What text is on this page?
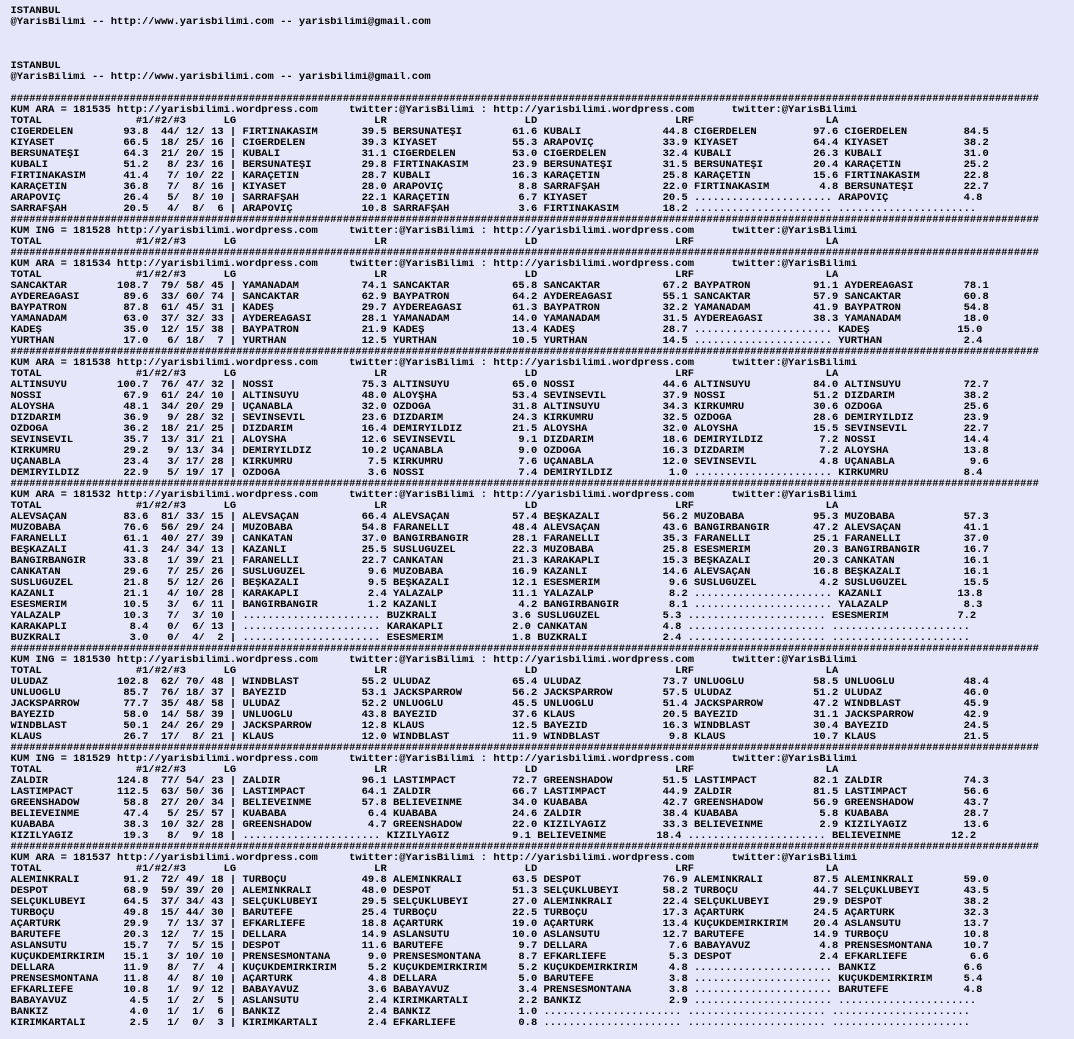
ISTANBUL
@YarisBilimi -- http://www.yarisbilimi.com -- yarisbilimi@gmail.com

ISTANBUL
@YarisBilimi -- http://www.yarisbilimi.com -- yarisbilimi@gmail.com

####################################################################################################################################################################
KUM ARA = 181535 http://yarisbilimi.wordpress.com     twitter:@YarisBilimi : http://yarisbilimi.wordpress.com      twitter:@YarisBilimi
TOTAL               #1/#2/#3      LG                      LR                      LD                      LRF                     LA
CIĞERDELEN        93.8  44/ 12/ 13 | FIRTINAKASIM       39.5 BERSUNATEŞİ        61.6 KUBALI             44.8 CIĞERDELEN         97.6 CIĞERDELEN         84.5
KIYASET           66.5  18/ 25/ 16 | CIĞERDELEN         39.3 KIYASET            55.3 ARAPOVİÇ           33.9 KIYASET            64.4 KIYASET            38.2
BERSUNATEŞİ       64.3  21/ 20/ 15 | KUBALI             31.1 CIĞERDELEN         53.0 CIĞERDELEN         32.4 KUBALI             26.3 KUBALI             31.0
KUBALI            51.2   8/ 23/ 16 | BERSUNATEŞİ        29.8 FIRTINAKASIM       23.9 BERSUNATEŞİ        31.5 BERSUNATEŞİ        20.4 KARAÇETİN          25.2
FIRTINAKASIM      41.4   7/ 10/ 22 | KARAÇETİN          28.7 KUBALI             16.3 KARAÇETİN          25.8 KARAÇETİN          15.6 FIRTINAKASIM       22.8
KARAÇETİN         36.8   7/  8/ 16 | KIYASET            28.0 ARAPOVİÇ            8.8 SARRAFŞAH          22.0 FIRTINAKASIM        4.8 BERSUNATEŞİ        22.7
ARAPOVİÇ          26.4   5/  8/ 10 | SARRAFŞAH          22.1 KARAÇETİN           6.7 KIYASET            20.5 ...................... ARAPOVİÇ            4.8
SARRAFŞAH         20.5   4/  8/  6 | ARAPOVİÇ           10.8 SARRAFŞAH           3.6 FIRTINAKASIM       18.2 ...................... ......................
####################################################################################################################################################################
KUM ING = 181528 http://yarisbilimi.wordpress.com     twitter:@YarisBilimi : http://yarisbilimi.wordpress.com      twitter:@YarisBilimi
TOTAL               #1/#2/#3      LG                      LR                      LD                      LRF                     LA
####################################################################################################################################################################
KUM ARA = 181534 http://yarisbilimi.wordpress.com     twitter:@YarisBilimi : http://yarisbilimi.wordpress.com      twitter:@YarisBilimi
TOTAL               #1/#2/#3      LG                      LR                      LD                      LRF                     LA
SANCAKTAR        108.7  79/ 58/ 45 | YAMANADAM          74.1 SANCAKTAR          65.8 SANCAKTAR          67.2 BAYPATRON          91.1 AYDEREAĞASI        78.1
AYDEREAĞASI       89.6  33/ 60/ 74 | SANCAKTAR          62.9 BAYPATRON          64.2 AYDEREAĞASI        55.1 SANCAKTAR          57.9 SANCAKTAR          60.8
BAYPATRON         87.8  61/ 45/ 31 | KADEŞ              29.7 AYDEREAĞASI        61.3 BAYPATRON          32.2 YAMANADAM          41.9 BAYPATRON          54.8
YAMANADAM         63.0  37/ 32/ 33 | AYDEREAĞASI        28.1 YAMANADAM          14.0 YAMANADAM          31.5 AYDEREAĞASI        38.3 YAMANADAM          18.0
KADEŞ             35.0  12/ 15/ 38 | BAYPATRON          21.9 KADEŞ              13.4 KADEŞ              28.7 ...................... KADEŞ              15.0
YURTHAN           17.0   6/ 18/  7 | YURTHAN            12.5 YURTHAN            10.5 YURTHAN            14.5 ...................... YURTHAN             2.4
####################################################################################################################################################################
KUM ARA = 181538 http://yarisbilimi.wordpress.com     twitter:@YarisBilimi : http://yarisbilimi.wordpress.com      twitter:@YarisBilimi
TOTAL               #1/#2/#3      LG                      LR                      LD                      LRF                     LA
ALTINSUYU        100.7  76/ 47/ 32 | NOSSİ              75.3 ALTINSUYU          65.0 NOSSİ              44.6 ALTINSUYU          84.0 ALTINSUYU          72.7
NOSSİ             67.9  61/ 24/ 10 | ALTINSUYU          48.0 ALOYŞHA            53.4 SEVİNSEVİL         37.9 NOSSİ              51.2 DİZDARIM           38.2
ALOYSHA           48.1  34/ 20/ 29 | UÇANABLA           32.0 ÖZDOĞA             31.8 ALTINSUYU          34.3 KIRKUMRU           30.6 ÖZDOĞA             25.6
DİZDARIM          36.9   9/ 28/ 32 | SEVİNSEVİL         23.6 DİZDARIM           24.3 KIRKUMRU           32.5 ÖZDOĞA             28.6 DEMİRYILDIZ        23.9
ÖZDOĞA            36.2  18/ 21/ 25 | DİZDARIM           16.4 DEMİRYILDIZ        21.5 ALOYSHA            32.0 ALOYSHA            15.5 SEVİNSEVİL         22.7
SEVİNSEVİL        35.7  13/ 31/ 21 | ALOYSHA            12.6 SEVİNSEVİL          9.1 DİZDARIM           18.6 DEMİRYILDIZ         7.2 NOSSİ              14.4
KIRKUMRU          29.2   9/ 13/ 34 | DEMİRYILDIZ        10.2 UÇANABLA            9.0 ÖZDOĞA             16.3 DİZDARIM            7.2 ALOYSHA            13.8
UÇANABLA          23.4   3/ 17/ 28 | KIRKUMRU            7.5 KIRKUMRU            7.6 UÇANABLA           12.0 SEVİNSEVİL          4.8 UÇANABLA            9.6
DEMİRYILDIZ       22.9   5/ 19/ 17 | ÖZDOĞA              3.6 NOSSİ               7.4 DEMİRYILDIZ         1.0 ...................... KIRKUMRU            8.4
####################################################################################################################################################################
KUM ARA = 181532 http://yarisbilimi.wordpress.com     twitter:@YarisBilimi : http://yarisbilimi.wordpress.com      twitter:@YarisBilimi
TOTAL               #1/#2/#3      LG                      LR                      LD                      LRF                     LA
ALEVSAÇAN         83.6  81/ 33/ 15 | ALEVSAÇAN          66.4 ALEVSAÇAN          57.4 BEŞKAZALI          56.2 MUZOBABA           95.3 MUZOBABA           57.3
MUZOBABA          76.6  56/ 29/ 24 | MUZOBABA           54.8 FARANELLİ          48.4 ALEVSAÇAN          43.6 BANGIRBANGIR       47.2 ALEVSAÇAN          41.1
FARANELLİ         61.1  40/ 27/ 39 | CANKATAN           37.0 BANGIRBANGIR       28.1 FARANELLİ          35.3 FARANELLİ          25.1 FARANELLİ          37.0
BEŞKAZALI         41.3  24/ 34/ 13 | KAZANLI            25.5 SÜSLÜGÜZEL         22.3 MUZOBABA           25.8 ESESMERİM          20.3 BANGIRBANGIR       16.7
BANGIRBANGIR      33.8   1/ 39/ 21 | FARANELLİ          22.7 CANKATAN           21.3 KARAKAPLI          15.3 BEŞKAZALI          20.3 CANKATAN           16.1
CANKATAN          29.6   7/ 25/ 26 | SÜSLÜGÜZEL          9.6 MUZOBABA           16.9 KAZANLI            14.6 ALEVSAÇAN          16.8 BEŞKAZALI          16.1
SÜSLÜGÜZEL        21.8   5/ 12/ 26 | BEŞKAZALI           9.5 BEŞKAZALI          12.1 ESESMERİM           9.6 SÜSLÜGÜZEL          4.2 SÜSLÜGÜZEL         15.5
KAZANLI           21.1   4/ 10/ 28 | KARAKAPLI           2.4 YALAZALP           11.1 YALAZALP            8.2 ...................... KAZANLI            13.8
ESESMERİM         10.5   3/  6/ 11 | BANGIRBANGIR        1.2 KAZANLI             4.2 BANGIRBANGIR        8.1 ...................... YALAZALP            8.3
YALAZALP          10.3   7/  3/ 10 | ...................... BUZKRALI            3.6 SÜSLÜGÜZEL          5.3 ...................... ESESMERİM           7.2
KARAKAPLI          8.4   0/  6/ 13 | ...................... KARAKAPLI           2.0 CANKATAN            4.8 ...................... ......................
BUZKRALI           3.0   0/  4/  2 | ...................... ESESMERİM           1.8 BUZKRALI            2.4 ...................... ......................
####################################################################################################################################################################
KUM ING = 181530 http://yarisbilimi.wordpress.com     twitter:@YarisBilimi : http://yarisbilimi.wordpress.com      twitter:@YarisBilimi
TOTAL               #1/#2/#3      LG                      LR                      LD                      LRF                     LA
ULUDAZ           102.8  62/ 70/ 48 | WINDBLAST          55.2 ULUDAZ             65.4 ULUDAZ             73.7 ÜNLÜOĞLU           58.5 ÜNLÜOĞLU           48.4
ÜNLÜOĞLU          85.7  76/ 18/ 37 | BAYEZID            53.1 JACKSPARROW        56.2 JACKSPARROW        57.5 ULUDAZ             51.2 ULUDAZ             46.0
JACKSPARROW       77.7  35/ 48/ 58 | ULUDAZ             52.2 ÜNLÜOĞLU           45.5 ÜNLÜOĞLU           51.4 JACKSPARROW        47.2 WINDBLAST          45.9
BAYEZID           58.0  14/ 58/ 39 | ÜNLÜOĞLU           43.8 BAYEZID            37.6 KLAUS              20.5 BAYEZID            31.1 JACKSPARROW        42.9
WINDBLAST         50.1  24/ 26/ 29 | JACKSPARROW        12.8 KLAUS              12.5 BAYEZID            16.3 WINDBLAST          30.4 BAYEZID            24.5
KLAUS             26.7  17/  8/ 21 | KLAUS              12.0 WINDBLAST          11.9 WINDBLAST           9.8 KLAUS              10.7 KLAUS              21.5
####################################################################################################################################################################
KUM ING = 181529 http://yarisbilimi.wordpress.com     twitter:@YarisBilimi : http://yarisbilimi.wordpress.com      twitter:@YarisBilimi
TOTAL               #1/#2/#3      LG                      LR                      LD                      LRF                     LA
ZALDIR           124.8  77/ 54/ 23 | ZALDIR             96.1 LASTIMPACT         72.7 GREENSHADOW        51.5 LASTIMPACT         82.1 ZALDIR             74.3
LASTIMPACT       112.5  63/ 50/ 36 | LASTIMPACT         64.1 ZALDIR             66.7 LASTIMPACT         44.9 ZALDIR             81.5 LASTIMPACT         56.6
GREENSHADOW       58.8  27/ 20/ 34 | BELIEVEINME        57.8 BELIEVEINME        34.0 KUABABA            42.7 GREENSHADOW        56.9 GREENSHADOW        43.7
BELIEVEINME       47.4   5/ 25/ 57 | KUABABA             6.4 KUABABA            24.6 ZALDIR             38.4 KUABABA             5.8 KUABABA            28.7
KUABABA           38.3  10/ 32/ 28 | GREENSHADOW         4.7 GREENSHADOW        22.0 KIZILYAĞIZ         33.3 BELIEVEINME         2.9 KIZILYAĞIZ         13.6
KIZILYAĞIZ        19.3   8/  9/ 18 | ...................... KIZILYAĞIZ          9.1 BELIEVEINME        18.4 ...................... BELIEVEINME        12.2
####################################################################################################################################################################
KUM ARA = 181537 http://yarisbilimi.wordpress.com     twitter:@YarisBilimi : http://yarisbilimi.wordpress.com      twitter:@YarisBilimi
TOTAL               #1/#2/#3      LG                      LR                      LD                      LRF                     LA
ALEMİNKRALI       91.2  72/ 49/ 18 | TURBOÇU            49.8 ALEMİNKRALI        63.5 DESPOT             76.9 ALEMİNKRALI        87.5 ALEMİNKRALI        59.0
DESPOT            68.9  59/ 39/ 20 | ALEMİNKRALI        48.0 DESPOT             51.3 SELÇUKLUBEYİ       58.2 TURBOÇU            44.7 SELÇUKLUBEYİ       43.5
SELÇUKLUBEYİ      64.5  37/ 34/ 43 | SELÇUKLUBEYİ       29.5 SELÇUKLUBEYİ       27.0 ALEMİNKRALI        22.4 SELÇUKLUBEYİ       29.9 DESPOT             38.2
TURBOÇU           49.8  15/ 44/ 30 | BARUTEFE           25.4 TURBOÇU            22.5 TURBOÇU            17.3 AÇARTÜRK           24.5 AÇARTÜRK           32.3
AÇARTÜRK          29.9   7/ 13/ 37 | EFKARLIEFE         18.8 AÇARTÜRK           19.0 AÇARTÜRK           13.4 KÜÇÜKDEMİRKIRIM    20.4 ASLANSUTU          13.7
BARUTEFE          20.3  12/  7/ 15 | DELLARA            14.9 ASLANSUTU          10.0 ASLANSUTU          12.7 BARUTEFE           14.9 TURBOÇU            10.8
ASLANSUTU         15.7   7/  5/ 15 | DESPOT             11.6 BARUTEFE            9.7 DELLARA             7.6 BABAYAVUZ           4.8 PRENSESMONTANA     10.7
KÜÇÜKDEMİRKIRIM   15.1   3/ 10/ 10 | PRENSESMONTANA      9.0 PRENSESMONTANA      8.7 EFKARLIEFE          5.3 DESPOT              2.4 EFKARLIEFE          6.6
DELLARA           11.9   8/  7/  4 | KÜÇÜKDEMİRKIRIM     5.2 KÜÇÜKDEMİRKIRIM     5.2 KÜÇÜKDEMİRKIRIM     4.8 ...................... BANKIZ              6.6
PRENSESMONTANA    11.8   4/  8/ 10 | AÇARTÜRK            4.8 DELLARA             5.0 BARUTEFE            3.8 ...................... KÜÇÜKDEMİRKIRIM     5.4
EFKARLIEFE        10.8   1/  9/ 12 | BABAYAVUZ           3.6 BABAYAVUZ           3.4 PRENSESMONTANA      3.8 ...................... BARUTEFE            4.8
BABAYAVUZ          4.5   1/  2/  5 | ASLANSUTU           2.4 KIRIMKARTALI        2.2 BANKIZ              2.9 ...................... ......................
BANKIZ             4.0   1/  1/  6 | BANKIZ              2.4 BANKIZ              1.0 ...................... ...................... ......................
KIRIMKARTALI       2.5   1/  0/  3 | KIRIMKARTALI        2.4 EFKARLIEFE          0.8 ...................... ...................... ......................
